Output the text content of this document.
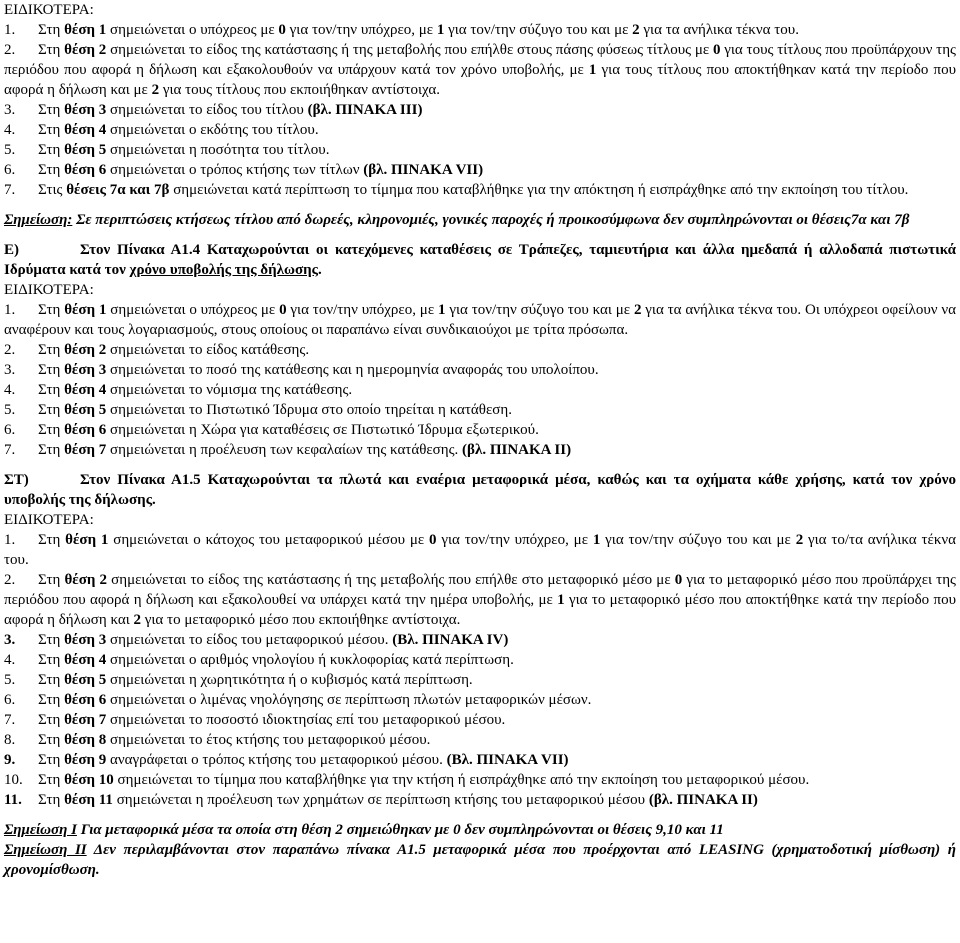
ΕΙΔΙΚΟΤΕΡΑ:

1. Στη θέση 1 σημειώνεται ο υπόχρεος με 0 για τον/την υπόχρεο, με 1 για τον/την σύζυγο του και με 2 για τα ανήλικα τέκνα του.

2. Στη θέση 2 σημειώνεται το είδος της κατάστασης ή της μεταβολής που επήλθε στους πάσης φύσεως τίτλους με 0 για τους τίτλους που προϋπάρχουν της περιόδου που αφορά η δήλωση και εξακολουθούν να υπάρχουν κατά τον χρόνο υποβολής, με 1 για τους τίτλους που αποκτήθηκαν κατά την περίοδο που αφορά η δήλωση και με 2 για τους τίτλους που εκποιήθηκαν αντίστοιχα.

3. Στη θέση 3 σημειώνεται το είδος του τίτλου (βλ. ΠΙΝΑΚΑ ΙΙΙ)

4. Στη θέση 4 σημειώνεται ο εκδότης του τίτλου.

5. Στη θέση 5 σημειώνεται η ποσότητα του τίτλου.

6. Στη θέση 6 σημειώνεται ο τρόπος κτήσης των τίτλων (βλ. ΠΙΝΑΚΑ VII)

7. Στις θέσεις 7α και 7β σημειώνεται κατά περίπτωση το τίμημα που καταβλήθηκε για την απόκτηση ή εισπράχθηκε από την εκποίηση του τίτλου.

Σημείωση: Σε περιπτώσεις κτήσεως τίτλου από δωρεές, κληρονομιές, γονικές παροχές ή προικοσύμφωνα δεν συμπληρώνονται οι θέσεις7α και 7β

Ε)	Στον Πίνακα Α1.4 Καταχωρούνται οι κατεχόμενες καταθέσεις σε Τράπεζες, ταμιευτήρια και άλλα ημεδαπά ή αλλοδαπά πιστωτικά Ιδρύματα κατά τον χρόνο υποβολής της δήλωσης.

ΕΙΔΙΚΟΤΕΡΑ:

1. Στη θέση 1 σημειώνεται ο υπόχρεος με 0 για τον/την υπόχρεο, με 1 για τον/την σύζυγο του και με 2 για τα ανήλικα τέκνα του. Οι υπόχρεοι οφείλουν να αναφέρουν και τους λογαριασμούς, στους οποίους οι παραπάνω είναι συνδικαιούχοι με τρίτα πρόσωπα.

2. Στη θέση 2 σημειώνεται το είδος κατάθεσης.

3. Στη θέση 3 σημειώνεται το ποσό της κατάθεσης και η ημερομηνία αναφοράς του υπολοίπου.

4. Στη θέση 4 σημειώνεται το νόμισμα της κατάθεσης.

5. Στη θέση 5 σημειώνεται το Πιστωτικό Ίδρυμα στο οποίο τηρείται η κατάθεση.

6. Στη θέση 6 σημειώνεται η Χώρα για καταθέσεις σε Πιστωτικό Ίδρυμα εξωτερικού.

7. Στη θέση 7 σημειώνεται η προέλευση των κεφαλαίων της κατάθεσης. (βλ. ΠΙΝΑΚΑ ΙΙ)

ΣΤ)	Στον Πίνακα Α1.5 Καταχωρούνται τα πλωτά και εναέρια μεταφορικά μέσα, καθώς και τα οχήματα κάθε χρήσης, κατά τον χρόνο υποβολής της δήλωσης.

ΕΙΔΙΚΟΤΕΡΑ:

1. Στη θέση 1 σημειώνεται ο κάτοχος του μεταφορικού μέσου με 0 για τον/την υπόχρεο, με 1 για τον/την σύζυγο του και με 2 για το/τα ανήλικα τέκνα του.

2. Στη θέση 2 σημειώνεται το είδος της κατάστασης ή της μεταβολής που επήλθε στο μεταφορικό μέσο με 0 για το μεταφορικό μέσο που προϋπάρχει της περιόδου που αφορά η δήλωση και εξακολουθεί να υπάρχει κατά την ημέρα υποβολής, με 1 για το μεταφορικό μέσο που αποκτήθηκε κατά την περίοδο που αφορά η δήλωση και 2 για το μεταφορικό μέσο που εκποιήθηκε αντίστοιχα.

3. Στη θέση 3 σημειώνεται το είδος του μεταφορικού μέσου. (Βλ. ΠΙΝΑΚΑ IV)

4. Στη θέση 4 σημειώνεται ο αριθμός νηολογίου ή κυκλοφορίας κατά περίπτωση.

5. Στη θέση 5 σημειώνεται η χωρητικότητα ή ο κυβισμός κατά περίπτωση.

6. Στη θέση 6 σημειώνεται ο λιμένας νηολόγησης σε περίπτωση πλωτών μεταφορικών μέσων.

7. Στη θέση 7 σημειώνεται το ποσοστό ιδιοκτησίας επί του μεταφορικού μέσου.

8. Στη θέση 8 σημειώνεται το έτος κτήσης του μεταφορικού μέσου.

9. Στη θέση 9 αναγράφεται ο τρόπος κτήσης του μεταφορικού μέσου. (Βλ. ΠΙΝΑΚΑ VII)

10. Στη θέση 10 σημειώνεται το τίμημα που καταβλήθηκε για την κτήση ή εισπράχθηκε από την εκποίηση του μεταφορικού μέσου.

11. Στη θέση 11 σημειώνεται η προέλευση των χρημάτων σε περίπτωση κτήσης του μεταφορικού μέσου (βλ. ΠΙΝΑΚΑ ΙΙ)

Σημείωση Ι Για μεταφορικά μέσα τα οποία στη θέση 2 σημειώθηκαν με 0 δεν συμπληρώνονται οι θέσεις 9,10 και 11

Σημείωση ΙΙ Δεν περιλαμβάνονται στον παραπάνω πίνακα Α1.5 μεταφορικά μέσα που προέρχονται από LEASING (χρηματοδοτική μίσθωση) ή χρονομίσθωση.
